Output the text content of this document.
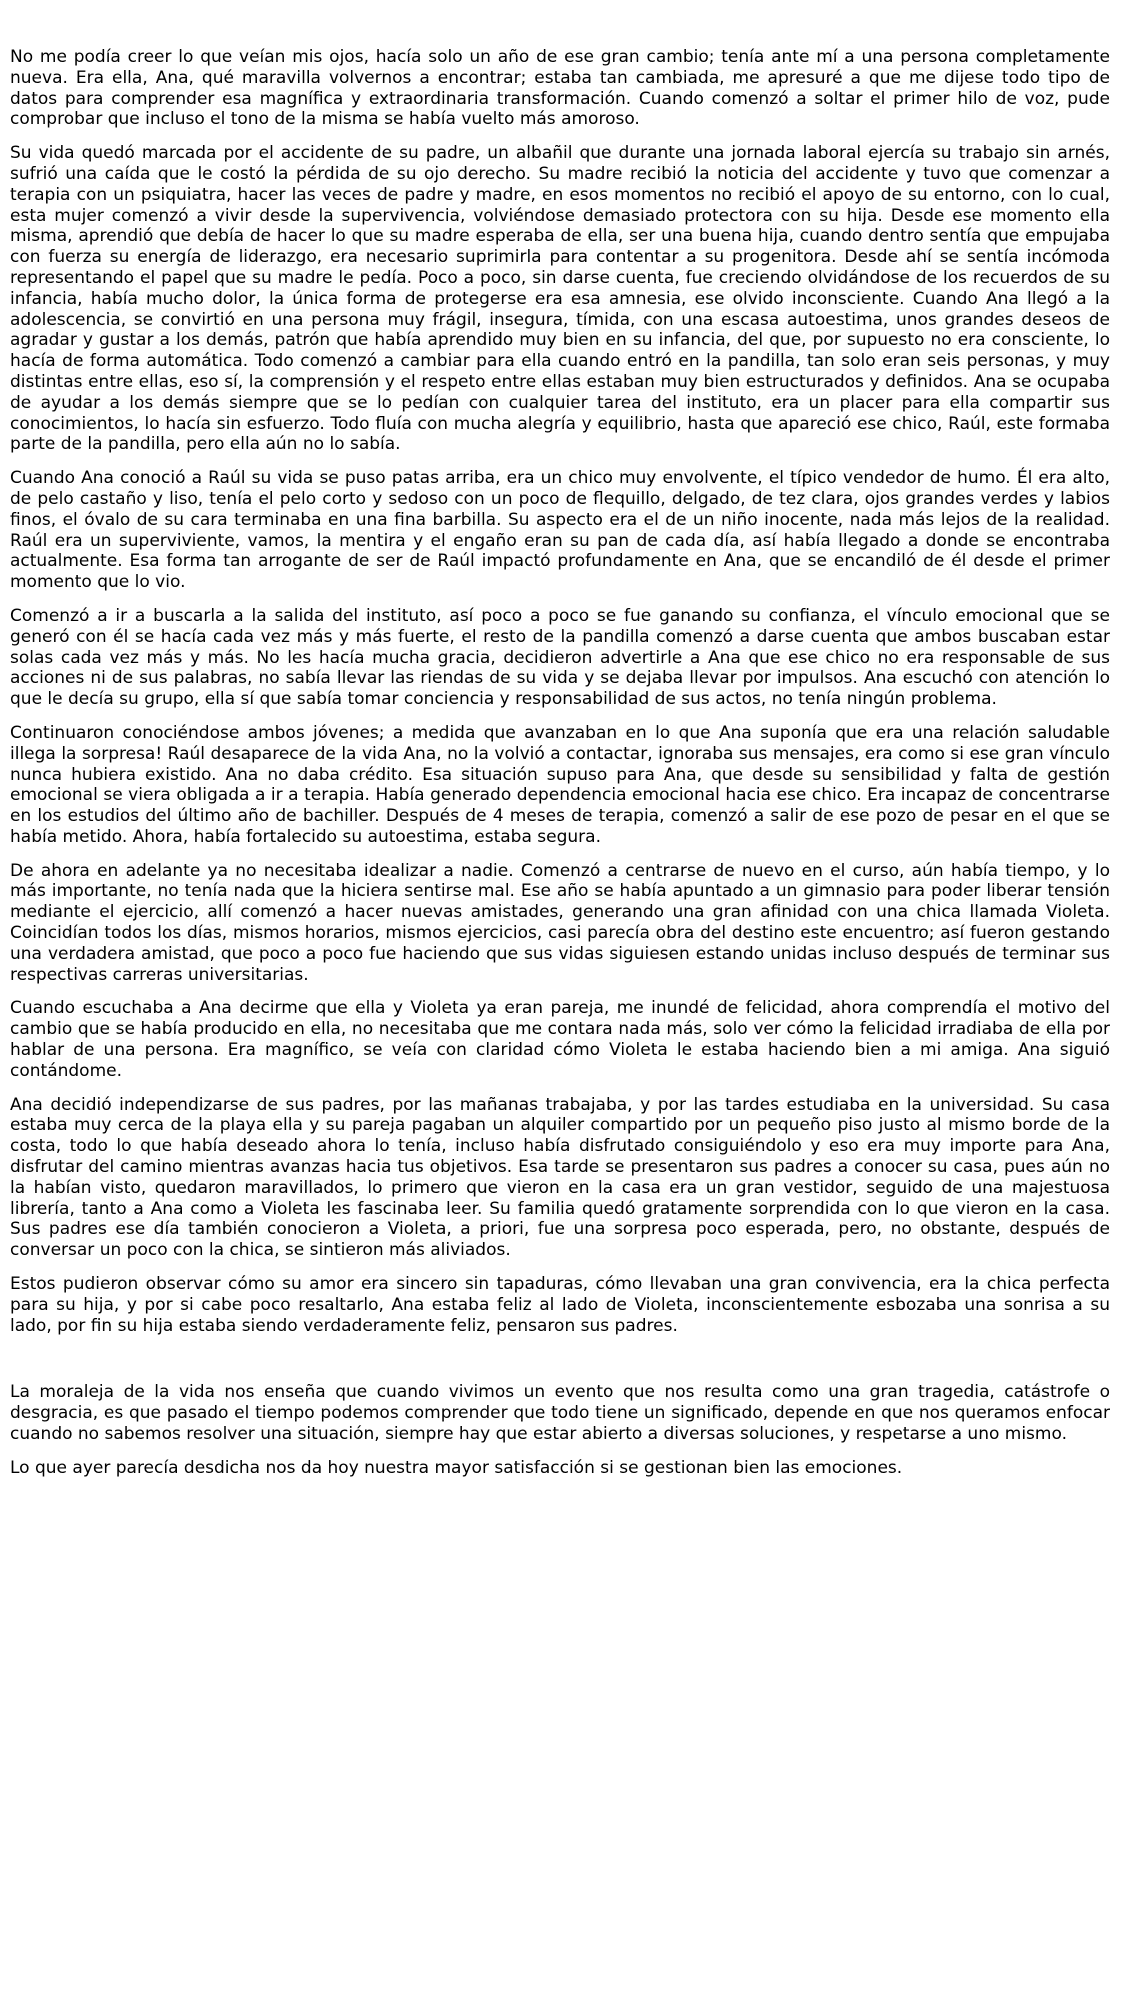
No me podía creer lo que veían mis ojos, hacía solo un año de ese gran cambio; tenía ante mí a una persona completamente nueva. Era ella, Ana, qué maravilla volvernos a encontrar; estaba tan cambiada, me apresuré a que me dijese todo tipo de datos para comprender esa magnífica y extraordinaria transformación. Cuando comenzó a soltar el primer hilo de voz, pude comprobar que incluso el tono de la misma se había vuelto más amoroso.

Su vida quedó marcada por el accidente de su padre, un albañil que durante una jornada laboral ejercía su trabajo sin arnés, sufrió una caída que le costó la pérdida de su ojo derecho. Su madre recibió la noticia del accidente y tuvo que comenzar a terapia con un psiquiatra, hacer las veces de padre y madre, en esos momentos no recibió el apoyo de su entorno, con lo cual, esta mujer comenzó a vivir desde la supervivencia, volviéndose demasiado protectora con su hija. Desde ese momento ella misma, aprendió que debía de hacer lo que su madre esperaba de ella, ser una buena hija, cuando dentro sentía que empujaba con fuerza su energía de liderazgo, era necesario suprimirla para contentar a su progenitora. Desde ahí se sentía incómoda representando el papel que su madre le pedía. Poco a poco, sin darse cuenta, fue creciendo olvidándose de los recuerdos de su infancia, había mucho dolor, la única forma de protegerse era esa amnesia, ese olvido inconsciente. Cuando Ana llegó a la adolescencia, se convirtió en una persona muy frágil, insegura, tímida, con una escasa autoestima, unos grandes deseos de agradar y gustar a los demás, patrón que había aprendido muy bien en su infancia, del que, por supuesto no era consciente, lo hacía de forma automática. Todo comenzó a cambiar para ella cuando entró en la pandilla, tan solo eran seis personas, y muy distintas entre ellas, eso sí, la comprensión y el respeto entre ellas estaban muy bien estructurados y definidos. Ana se ocupaba de ayudar a los demás siempre que se lo pedían con cualquier tarea del instituto, era un placer para ella compartir sus conocimientos, lo hacía sin esfuerzo. Todo fluía con mucha alegría y equilibrio, hasta que apareció ese chico, Raúl, este formaba parte de la pandilla, pero ella aún no lo sabía.

Cuando Ana conoció a Raúl su vida se puso patas arriba, era un chico muy envolvente, el típico vendedor de humo. Él era alto, de pelo castaño y liso, tenía el pelo corto y sedoso con un poco de flequillo, delgado, de tez clara, ojos grandes verdes y labios finos, el óvalo de su cara terminaba en una fina barbilla. Su aspecto era el de un niño inocente, nada más lejos de la realidad. Raúl era un superviviente, vamos, la mentira y el engaño eran su pan de cada día, así había llegado a donde se encontraba actualmente. Esa forma tan arrogante de ser de Raúl impactó profundamente en Ana, que se encandiló de él desde el primer momento que lo vio.

Comenzó a ir a buscarla a la salida del instituto, así poco a poco se fue ganando su confianza, el vínculo emocional que se generó con él se hacía cada vez más y más fuerte, el resto de la pandilla comenzó a darse cuenta que ambos buscaban estar solas cada vez más y más. No les hacía mucha gracia, decidieron advertirle a Ana que ese chico no era responsable de sus acciones ni de sus palabras, no sabía llevar las riendas de su vida y se dejaba llevar por impulsos. Ana escuchó con atención lo que le decía su grupo, ella sí que sabía tomar conciencia y responsabilidad de sus actos, no tenía ningún problema.

Continuaron conociéndose ambos jóvenes; a medida que avanzaban en lo que Ana suponía que era una relación saludable illega la sorpresa! Raúl desaparece de la vida Ana, no la volvió a contactar, ignoraba sus mensajes, era como si ese gran vínculo nunca hubiera existido. Ana no daba crédito. Esa situación supuso para Ana, que desde su sensibilidad y falta de gestión emocional se viera obligada a ir a terapia. Había generado dependencia emocional hacia ese chico. Era incapaz de concentrarse en los estudios del último año de bachiller. Después de 4 meses de terapia, comenzó a salir de ese pozo de pesar en el que se había metido. Ahora, había fortalecido su autoestima, estaba segura.

De ahora en adelante ya no necesitaba idealizar a nadie. Comenzó a centrarse de nuevo en el curso, aún había tiempo, y lo más importante, no tenía nada que la hiciera sentirse mal. Ese año se había apuntado a un gimnasio para poder liberar tensión mediante el ejercicio, allí comenzó a hacer nuevas amistades, generando una gran afinidad con una chica llamada Violeta. Coincidían todos los días, mismos horarios, mismos ejercicios, casi parecía obra del destino este encuentro; así fueron gestando una verdadera amistad, que poco a poco fue haciendo que sus vidas siguiesen estando unidas incluso después de terminar sus respectivas carreras universitarias.

Cuando escuchaba a Ana decirme que ella y Violeta ya eran pareja, me inundé de felicidad, ahora comprendía el motivo del cambio que se había producido en ella, no necesitaba que me contara nada más, solo ver cómo la felicidad irradiaba de ella por hablar de una persona. Era magnífico, se veía con claridad cómo Violeta le estaba haciendo bien a mi amiga. Ana siguió contándome.

Ana decidió independizarse de sus padres, por las mañanas trabajaba, y por las tardes estudiaba en la universidad. Su casa estaba muy cerca de la playa ella y su pareja pagaban un alquiler compartido por un pequeño piso justo al mismo borde de la costa, todo lo que había deseado ahora lo tenía, incluso había disfrutado consiguiéndolo y eso era muy importe para Ana, disfrutar del camino mientras avanzas hacia tus objetivos. Esa tarde se presentaron sus padres a conocer su casa, pues aún no la habían visto, quedaron maravillados, lo primero que vieron en la casa era un gran vestidor, seguido de una majestuosa librería, tanto a Ana como a Violeta les fascinaba leer. Su familia quedó gratamente sorprendida con lo que vieron en la casa. Sus padres ese día también conocieron a Violeta, a priori, fue una sorpresa poco esperada, pero, no obstante, después de conversar un poco con la chica, se sintieron más aliviados.

Estos pudieron observar cómo su amor era sincero sin tapaduras, cómo llevaban una gran convivencia, era la chica perfecta para su hija, y por si cabe poco resaltarlo, Ana estaba feliz al lado de Violeta, inconscientemente esbozaba una sonrisa a su lado, por fin su hija estaba siendo verdaderamente feliz, pensaron sus padres.

La moraleja de la vida nos enseña que cuando vivimos un evento que nos resulta como una gran tragedia, catástrofe o desgracia, es que pasado el tiempo podemos comprender que todo tiene un significado, depende en que nos queramos enfocar cuando no sabemos resolver una situación, siempre hay que estar abierto a diversas soluciones, y respetarse a uno mismo.

Lo que ayer parecía desdicha nos da hoy nuestra mayor satisfacción si se gestionan bien las emociones.
